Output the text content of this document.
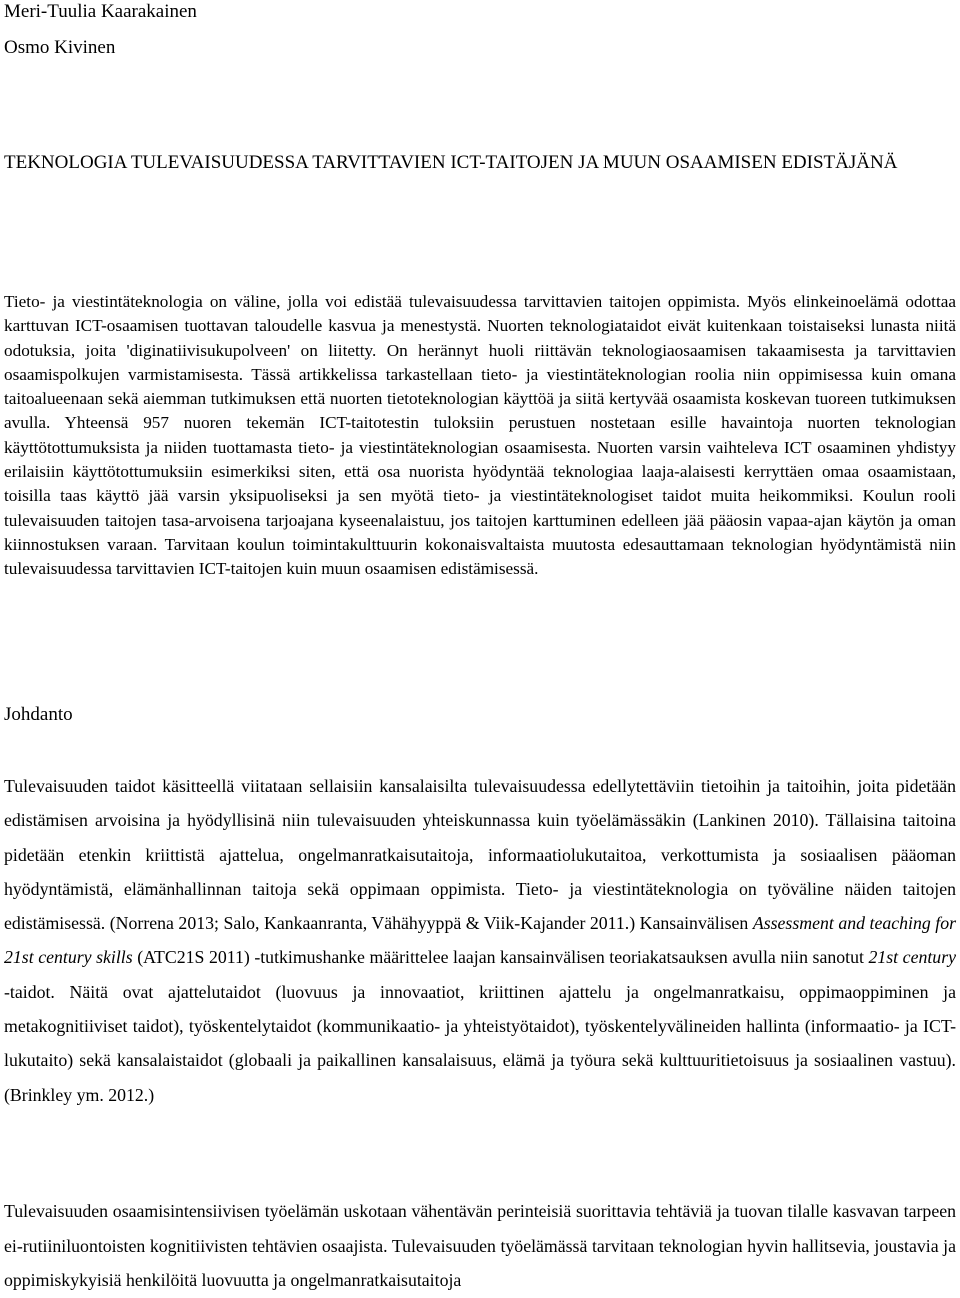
Meri-Tuulia Kaarakainen

Osmo Kivinen

TEKNOLOGIA TULEVAISUUDESSA TARVITTAVIEN ICT-TAITOJEN JA MUUN OSAAMISEN EDISTÄJÄNÄ

Tieto- ja viestintäteknologia on väline, jolla voi edistää tulevaisuudessa tarvittavien taitojen oppimista. Myös elinkeinoelämä odottaa karttuvan ICT-osaamisen tuottavan taloudelle kasvua ja menestystä. Nuorten teknologiataidot eivät kuitenkaan toistaiseksi lunasta niitä odotuksia, joita 'diginatiivisukupolveen' on liitetty. On herännyt huoli riittävän teknologiaosaamisen takaamisesta ja tarvittavien osaamispolkujen varmistamisesta. Tässä artikkelissa tarkastellaan tieto- ja viestintäteknologian roolia niin oppimisessa kuin omana taitoalueenaan sekä aiemman tutkimuksen että nuorten tietoteknologian käyttöä ja siitä kertyvää osaamista koskevan tuoreen tutkimuksen avulla. Yhteensä 957 nuoren tekemän ICT-taitotestin tuloksiin perustuen nostetaan esille havaintoja nuorten teknologian käyttötottumuksista ja niiden tuottamasta tieto- ja viestintäteknologian osaamisesta. Nuorten varsin vaihteleva ICT osaaminen yhdistyy erilaisiin käyttötottumuksiin esimerkiksi siten, että osa nuorista hyödyntää teknologiaa laaja-alaisesti kerryttäen omaa osaamistaan, toisilla taas käyttö jää varsin yksipuoliseksi ja sen myötä tieto- ja viestintäteknologiset taidot muita heikommiksi. Koulun rooli tulevaisuuden taitojen tasa-arvoisena tarjoajana kyseenalaistuu, jos taitojen karttuminen edelleen jää pääosin vapaa-ajan käytön ja oman kiinnostuksen varaan. Tarvitaan koulun toimintakulttuurin kokonaisvaltaista muutosta edesauttamaan teknologian hyödyntämistä niin tulevaisuudessa tarvittavien ICT-taitojen kuin muun osaamisen edistämisessä.

Johdanto

Tulevaisuuden taidot käsitteellä viitataan sellaisiin kansalaisilta tulevaisuudessa edellytettäviin tietoihin ja taitoihin, joita pidetään edistämisen arvoisina ja hyödyllisinä niin tulevaisuuden yhteiskunnassa kuin työelämässäkin (Lankinen 2010). Tällaisina taitoina pidetään etenkin kriittistä ajattelua, ongelmanratkaisutaitoja, informaatiolukutaitoa, verkottumista ja sosiaalisen pääoman hyödyntämistä, elämänhallinnan taitoja sekä oppimaan oppimista. Tieto- ja viestintäteknologia on työväline näiden taitojen edistämisessä. (Norrena 2013; Salo, Kankaanranta, Vähähyyppä & Viik-Kajander 2011.) Kansainvälisen Assessment and teaching for 21st century skills (ATC21S 2011) -tutkimushanke määrittelee laajan kansainvälisen teoriakatsauksen avulla niin sanotut 21st century -taidot. Näitä ovat ajattelutaidot (luovuus ja innovaatiot, kriittinen ajattelu ja ongelmanratkaisu, oppimaoppiminen ja metakognitiiviset taidot), työskentelytaidot (kommunikaatio- ja yhteistyötaidot), työskentelyvälineiden hallinta (informaatio- ja ICT-lukutaito) sekä kansalaistaidot (globaali ja paikallinen kansalaisuus, elämä ja työura sekä kulttuuritietoisuus ja sosiaalinen vastuu). (Brinkley ym. 2012.)

Tulevaisuuden osaamisintensiivisen työelämän uskotaan vähentävän perinteisiä suorittavia tehtäviä ja tuovan tilalle kasvavan tarpeen ei-rutiiniluontoisten kognitiivisten tehtävien osaajista. Tulevaisuuden työelämässä tarvitaan teknologian hyvin hallitsevia, joustavia ja oppimiskykyisiä henkilöitä luovuutta ja ongelmanratkaisutaitoja
